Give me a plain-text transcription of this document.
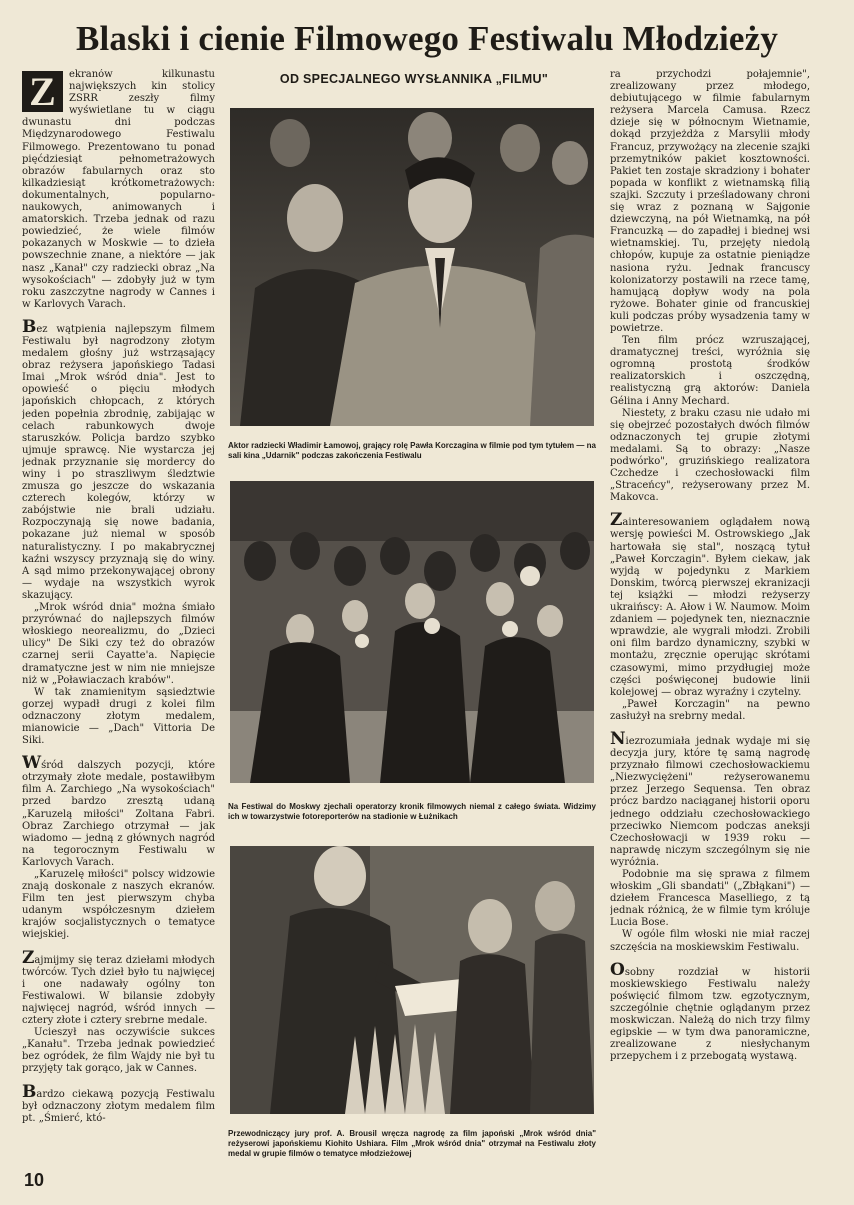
Blaski i cienie Filmowego Festiwalu Młodzieży
OD SPECJALNEGO WYSŁANNIKA „FILMU"

Z	ekranów kilkunastu największych kin stolicy ZSRR zeszły filmy wyświetlane tu w ciągu dwunastu dni podczas Międzynarodowego Festiwalu Filmowego. Prezentowano tu ponad pięćdziesiąt pełnometrażowych obrazów fabularnych oraz sto kilkadziesiąt krótkometrażowych: dokumentalnych, popularno-naukowych, animowanych i amatorskich. Trzeba jednak od razu powiedzieć, że wiele filmów pokazanych w Moskwie — to dzieła powszechnie znane, a niektóre — jak nasz „Kanał" czy radziecki obraz „Na wysokościach" — zdobyły już w tym roku zaszczytne nagrody w Cannes i w Karlovych Varach.

Bez wątpienia najlepszym filmem Festiwalu był nagrodzony złotym medalem głośny już wstrząsający obraz reżysera japońskiego Tadasi Imai „Mrok wśród dnia". Jest to opowieść o pięciu młodych japońskich chłopcach, z których jeden popełnia zbrodnię, zabijając w celach rabunkowych dwoje staruszków. Policja bardzo szybko ujmuje sprawcę. Nie wystarcza jej jednak przyznanie się mordercy do winy i po straszliwym śledztwie zmusza go jeszcze do wskazania czterech kolegów, którzy w zabójstwie nie brali udziału. Rozpoczynają się nowe badania, pokazane już niemal w sposób naturalistyczny. I po makabrycznej kaźni wszyscy przyznają się do winy. A sąd mimo przekonywającej obrony — wydaje na wszystkich wyrok skazujący.

„Mrok wśród dnia" można śmiało przyrównać do najlepszych filmów włoskiego neorealizmu, do „Dzieci ulicy" De Siki czy też do obrazów czarnej serii Cayatte'a. Napięcie dramatyczne jest w nim nie mniejsze niż w „Poławiaczach krabów".

W tak znamienitym sąsiedztwie gorzej wypadł drugi z kolei film odznaczony złotym medalem, mianowicie — „Dach" Vittoria De Siki.

Wśród dalszych pozycji, które otrzymały złote medale, postawiłbym film A. Zarchiego „Na wysokościach" przed bardzo zresztą udaną „Karuzelą miłości" Zoltana Fabri. Obraz Zarchiego otrzymał — jak wiadomo — jedną z głównych nagród na tegorocznym Festiwalu w Karlovych Varach.

„Karuzelę miłości" polscy widzowie znają doskonale z naszych ekranów. Film ten jest pierwszym chyba udanym współczesnym dziełem krajów socjalistycznych o tematyce wiejskiej.

Zajmijmy się teraz dziełami młodych twórców. Tych dzieł było tu najwięcej i one nadawały ogólny ton Festiwalowi. W bilansie zdobyły najwięcej nagród, wśród innych — cztery złote i cztery srebrne medale.

Ucieszył nas oczywiście sukces „Kanału". Trzeba jednak powiedzieć bez ogródek, że film Wajdy nie był tu przyjęty tak gorąco, jak w Cannes.

Bardzo ciekawą pozycją Festiwalu był odznaczony złotym medalem film pt. „Śmierć, któ-

Aktor radziecki Władimir Łamowoj, grający rolę Pawła Korczagina w filmie pod tym tytułem — na sali kina „Udarnik" podczas zakończenia Festiwalu
Na Festiwal do Moskwy zjechali operatorzy kronik filmowych niemal z całego świata. Widzimy ich w towarzystwie fotoreporterów na stadionie w Łużnikach
Przewodniczący jury prof. A. Brousil wręcza nagrodę za film japoński „Mrok wśród dnia" reżyserowi japońskiemu Kiohito Ushiara. Film „Mrok wśród dnia" otrzymał na Festiwalu złoty medal w grupie filmów o tematyce młodzieżowej

ra przychodzi połajemnie", zrealizowany przez młodego, debiutującego w filmie fabularnym reżysera Marcela Camusa. Rzecz dzieje się w północnym Wietnamie, dokąd przyjeżdża z Marsylii młody Francuz, przywożący na zlecenie szajki przemytników pakiet kosztowności. Pakiet ten zostaje skradziony i bohater popada w konflikt z wietnamską filią szajki. Szczuty i prześladowany chroni się wraz z poznaną w Sajgonie dziewczyną, na pół Wietnamką, na pół Francuzką — do zapadłej i biednej wsi wietnamskiej. Tu, przejęty niedolą chłopów, kupuje za ostatnie pieniądze nasiona ryżu. Jednak francuscy kolonizatorzy postawili na rzece tamę, hamującą dopływ wody na pola ryżowe. Bohater ginie od francuskiej kuli podczas próby wysadzenia tamy w powietrze.

Ten film prócz wzruszającej, dramatycznej treści, wyróżnia się ogromną prostotą środków realizatorskich i oszczędną, realistyczną grą aktorów: Daniela Gélina i Anny Mechard.

Niestety, z braku czasu nie udało mi się obejrzeć pozostałych dwóch filmów odznaczonych tej grupie złotymi medalami. Są to obrazy: „Nasze podwórko", gruzińskiego realizatora Czchedze i czechosłowacki film „Straceńcy", reżyserowany przez M. Makovca.

Zainteresowaniem oglądałem nową wersję powieści M. Ostrowskiego „Jak hartowała się stal", noszącą tytuł „Paweł Korczagin". Byłem ciekaw, jak wyjdą w pojedynku z Markiem Donskim, twórcą pierwszej ekranizacji tej książki — młodzi reżyserzy ukraińscy: A. Ałow i W. Naumow. Moim zdaniem — pojedynek ten, nieznacznie wprawdzie, ale wygrali młodzi. Zrobili oni film bardzo dynamiczny, szybki w montażu, zręcznie operując skrótami czasowymi, mimo przydługiej może części poświęconej budowie linii kolejowej — obraz wyraźny i czytelny.

„Paweł Korczagin" na pewno zasłużył na srebrny medal.

Niezrozumiała jednak wydaje mi się decyzja jury, które tę samą nagrodę przyznało filmowi czechosłowackiemu „Niezwyciężeni" reżyserowanemu przez Jerzego Sequensa. Ten obraz prócz bardzo naciąganej historii oporu jednego oddziału czechosłowackiego przeciwko Niemcom podczas aneksji Czechosłowacji w 1939 roku — naprawdę niczym szczególnym się nie wyróżnia.

Podobnie ma się sprawa z filmem włoskim „Gli sbandati" („Zbłąkani") — dziełem Francesca Maselliego, z tą jednak różnicą, że w filmie tym króluje Lucia Bose.

W ogóle film włoski nie miał raczej szczęścia na moskiewskim Festiwalu.

Osobny rozdział w historii moskiewskiego Festiwalu należy poświęcić filmom tzw. egzotycznym, szczególnie chętnie oglądanym przez moskwiczan. Należą do nich trzy filmy egipskie — w tym dwa panoramiczne, zrealizowane z niesłychanym przepychem i z przebogatą wystawą.

10
